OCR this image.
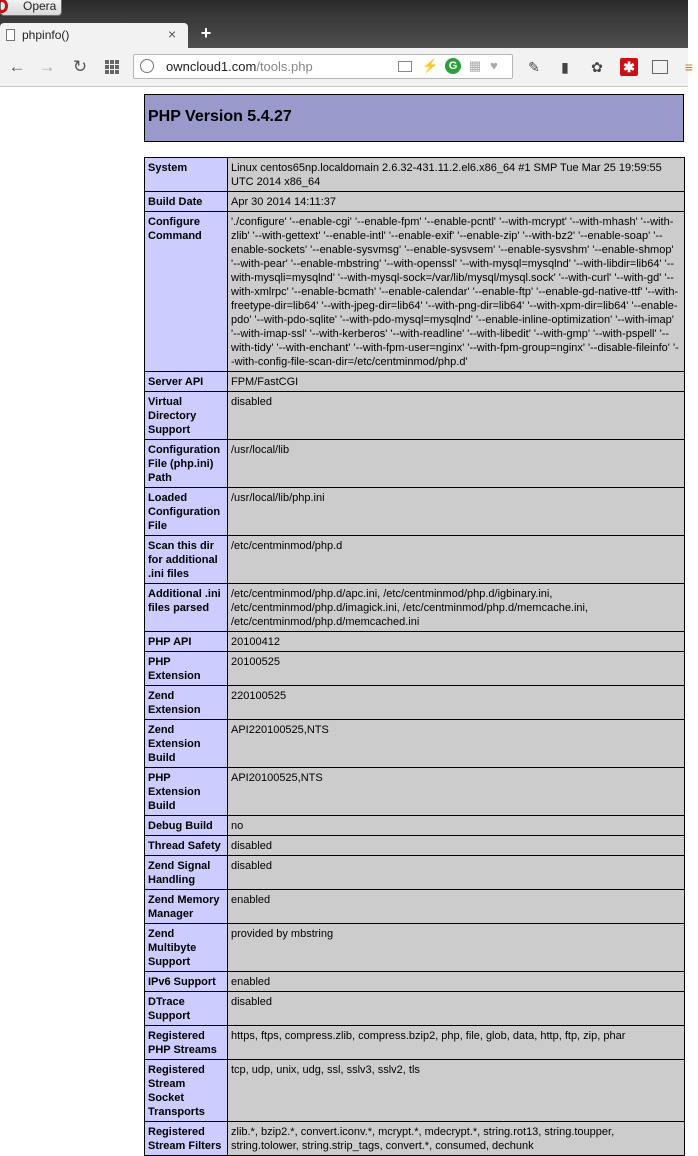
Opera
phpinfo()	× +
← → ↻	owncloud1.com/tools.php	⚡ G ▦ ♥ ✎	▮	✿ ✱	≡
PHP Version 5.4.27
System	Linux centos65np.localdomain 2.6.32-431.11.2.el6.x86_64 #1 SMP Tue Mar 25 19:59:55 UTC 2014 x86_64
Build Date	Apr 30 2014 14:11:37
Configure Command	'./configure' '--enable-cgi' '--enable-fpm' '--enable-pcntl' '--with-mcrypt' '--with-mhash' '--with-zlib' '--with-gettext' '--enable-intl' '--enable-exif' '--enable-zip' '--with-bz2' '--enable-soap' '--enable-sockets' '--enable-sysvmsg' '--enable-sysvsem' '--enable-sysvshm' '--enable-shmop' '--with-pear' '--enable-mbstring' '--with-openssl' '--with-mysql=mysqlnd' '--with-libdir=lib64' '--with-mysqli=mysqlnd' '--with-mysql-sock=/var/lib/mysql/mysql.sock' '--with-curl' '--with-gd' '--with-xmlrpc' '--enable-bcmath' '--enable-calendar' '--enable-ftp' '--enable-gd-native-ttf' '--with-freetype-dir=lib64' '--with-jpeg-dir=lib64' '--with-png-dir=lib64' '--with-xpm-dir=lib64' '--enable-pdo' '--with-pdo-sqlite' '--with-pdo-mysql=mysqlnd' '--enable-inline-optimization' '--with-imap' '--with-imap-ssl' '--with-kerberos' '--with-readline' '--with-libedit' '--with-gmp' '--with-pspell' '--with-tidy' '--with-enchant' '--with-fpm-user=nginx' '--with-fpm-group=nginx' '--disable-fileinfo' '--with-config-file-scan-dir=/etc/centminmod/php.d'
Server API	FPM/FastCGI
Virtual Directory Support	disabled
Configuration File (php.ini) Path	/usr/local/lib
Loaded Configuration File	/usr/local/lib/php.ini
Scan this dir for additional .ini files	/etc/centminmod/php.d
Additional .ini files parsed	/etc/centminmod/php.d/apc.ini, /etc/centminmod/php.d/igbinary.ini, /etc/centminmod/php.d/imagick.ini, /etc/centminmod/php.d/memcache.ini, /etc/centminmod/php.d/memcached.ini
PHP API	20100412
PHP Extension	20100525
Zend Extension	220100525
Zend Extension Build	API220100525,NTS
PHP Extension Build	API20100525,NTS
Debug Build	no
Thread Safety	disabled
Zend Signal Handling	disabled
Zend Memory Manager	enabled
Zend Multibyte Support	provided by mbstring
IPv6 Support	enabled
DTrace Support	disabled
Registered PHP Streams	https, ftps, compress.zlib, compress.bzip2, php, file, glob, data, http, ftp, zip, phar
Registered Stream Socket Transports	tcp, udp, unix, udg, ssl, sslv3, sslv2, tls
Registered Stream Filters	zlib.*, bzip2.*, convert.iconv.*, mcrypt.*, mdecrypt.*, string.rot13, string.toupper, string.tolower, string.strip_tags, convert.*, consumed, dechunk
